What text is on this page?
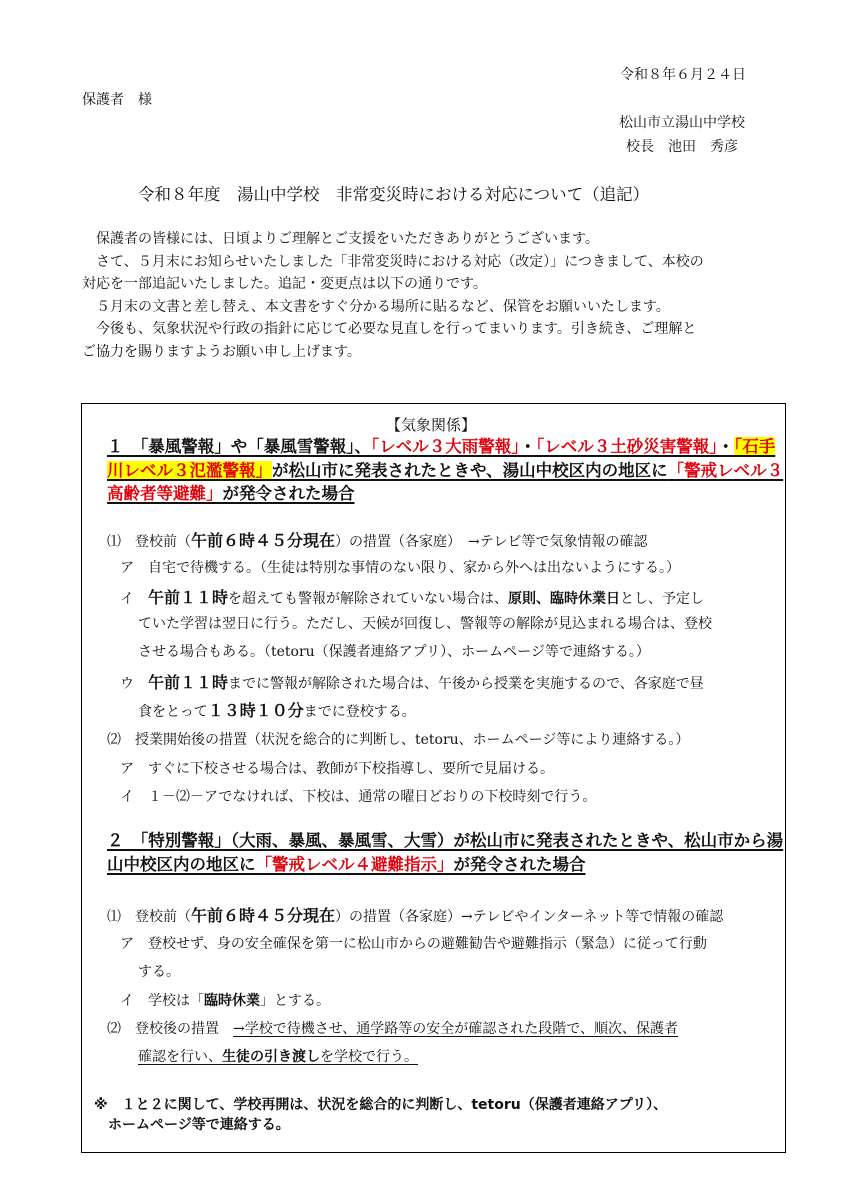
令和８年６月２４日
保護者　様
松山市立湯山中学校
校長　池田　秀彦
令和８年度　湯山中学校　非常変災時における対応について（追記）

　保護者の皆様には、日頃よりご理解とご支援をいただきありがとうございます。

　さて、５月末にお知らせいたしました「非常変災時における対応（改定）」につきまして、本校の

対応を一部追記いたしました。追記・変更点は以下の通りです。

　５月末の文書と差し替え、本文書をすぐ分かる場所に貼るなど、保管をお願いいたします。

　今後も、気象状況や行政の指針に応じて必要な見直しを行ってまいります。引き続き、ご理解と

ご協力を賜りますようお願い申し上げます。

【気象関係】
１　「暴風警報」や「暴風雪警報」、「レベル３大雨警報」・「レベル３土砂災害警報」・「石手川レベル３氾濫警報」が松山市に発表されたときや、湯山中校区内の地区に「警戒レベル３高齢者等避難」が発令された場合
⑴　登校前（午前６時４５分現在）の措置（各家庭）　→テレビ等で気象情報の確認
ア　自宅で待機する。（生徒は特別な事情のない限り、家から外へは出ないようにする。）
イ　午前１１時を超えても警報が解除されていない場合は、原則、臨時休業日とし、予定し
ていた学習は翌日に行う。ただし、天候が回復し、警報等の解除が見込まれる場合は、登校
させる場合もある。（tetoru（保護者連絡アプリ）、ホームページ等で連絡する。）
ウ　午前１１時までに警報が解除された場合は、午後から授業を実施するので、各家庭で昼
食をとって１３時１０分までに登校する。
⑵　授業開始後の措置（状況を総合的に判断し、tetoru、ホームページ等により連絡する。）
ア　すぐに下校させる場合は、教師が下校指導し、要所で見届ける。
イ　１－⑵－アでなければ、下校は、通常の曜日どおりの下校時刻で行う。
２　「特別警報」（大雨、暴風、暴風雪、大雪）が松山市に発表されたときや、松山市から湯山中校区内の地区に「警戒レベル４避難指示」が発令された場合
⑴　登校前（午前６時４５分現在）の措置（各家庭）→テレビやインターネット等で情報の確認
ア　登校せず、身の安全確保を第一に松山市からの避難勧告や避難指示（緊急）に従って行動
する。
イ　学校は「臨時休業」とする。
⑵　登校後の措置　→学校で待機させ、通学路等の安全が確認された段階で、順次、保護者
確認を行い、生徒の引き渡しを学校で行う。
※　１と２に関して、学校再開は、状況を総合的に判断し、tetoru（保護者連絡アプリ）、
　ホームページ等で連絡する。
